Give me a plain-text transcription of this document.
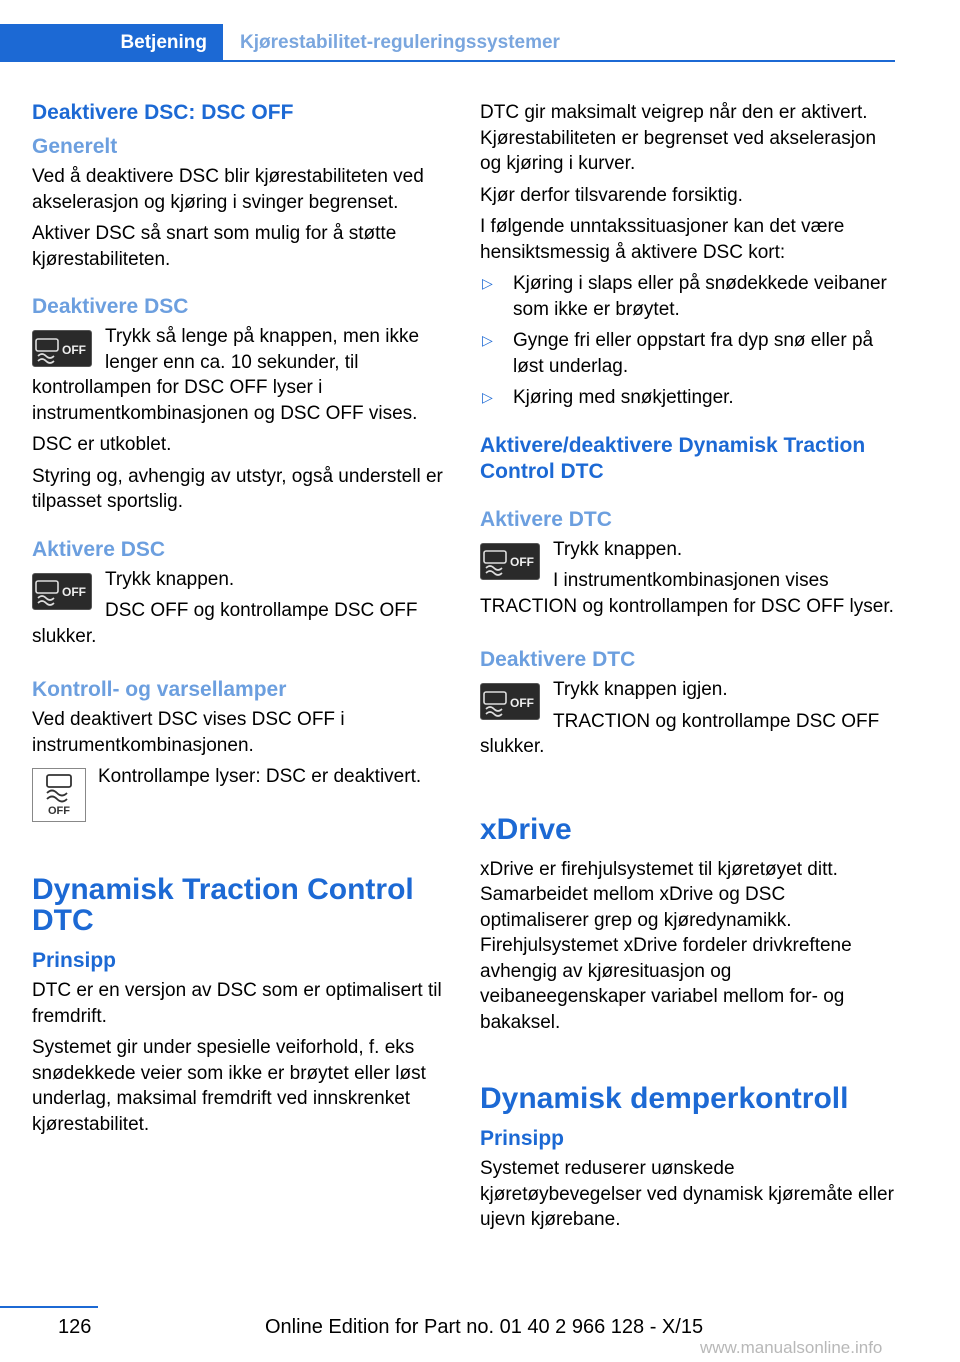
Betjening	Kjørestabilitet-reguleringssystemer
Deaktivere DSC: DSC OFF
Generelt

Ved å deaktivere DSC blir kjørestabiliteten ved akselerasjon og kjøring i svinger begrenset.

Aktiver DSC så snart som mulig for å støtte kjørestabiliteten.

Deaktivere DSC
OFF

Trykk så lenge på knappen, men ikke lenger enn ca. 10 sekunder, til kontrollampen for DSC OFF lyser i instrumentkombinasjonen og DSC OFF vises.

DSC er utkoblet.

Styring og, avhengig av utstyr, også understell er tilpasset sportslig.

Aktivere DSC
OFF

Trykk knappen.

DSC OFF og kontrollampe DSC OFF slukker.

Kontroll- og varsellamper

Ved deaktivert DSC vises DSC OFF i instrumentkombinasjonen.

OFF

Kontrollampe lyser: DSC er deaktivert.

Dynamisk Traction Control DTC
Prinsipp

DTC er en versjon av DSC som er optimalisert til fremdrift.

Systemet gir under spesielle veiforhold, f. eks snødekkede veier som ikke er brøytet eller løst underlag, maksimal fremdrift ved innskrenket kjørestabilitet.

DTC gir maksimalt veigrep når den er aktivert. Kjørestabiliteten er begrenset ved akselerasjon og kjøring i kurver.

Kjør derfor tilsvarende forsiktig.

I følgende unntakssituasjoner kan det være hensiktsmessig å aktivere DSC kort:

▷ Kjøring i slaps eller på snødekkede veibaner som ikke er brøytet.
▷ Gynge fri eller oppstart fra dyp snø eller på løst underlag.
▷ Kjøring med snøkjettinger.
Aktivere/deaktivere Dynamisk Traction Control DTC
Aktivere DTC
OFF

Trykk knappen.

I instrumentkombinasjonen vises TRACTION og kontrollampen for DSC OFF lyser.

Deaktivere DTC
OFF

Trykk knappen igjen.

TRACTION og kontrollampe DSC OFF slukker.

xDrive

xDrive er firehjulsystemet til kjøretøyet ditt. Samarbeidet mellom xDrive og DSC optimaliserer grep og kjøredynamikk. Firehjulsystemet xDrive fordeler drivkreftene avhengig av kjøresituasjon og veibaneegenskaper variabel mellom for- og bakaksel.

Dynamisk demperkontroll
Prinsipp

Systemet reduserer uønskede kjøretøybevegelser ved dynamisk kjøremåte eller ujevn kjørebane.

126	Online Edition for Part no. 01 40 2 966 128 - X/15
www.manualsonline.info
